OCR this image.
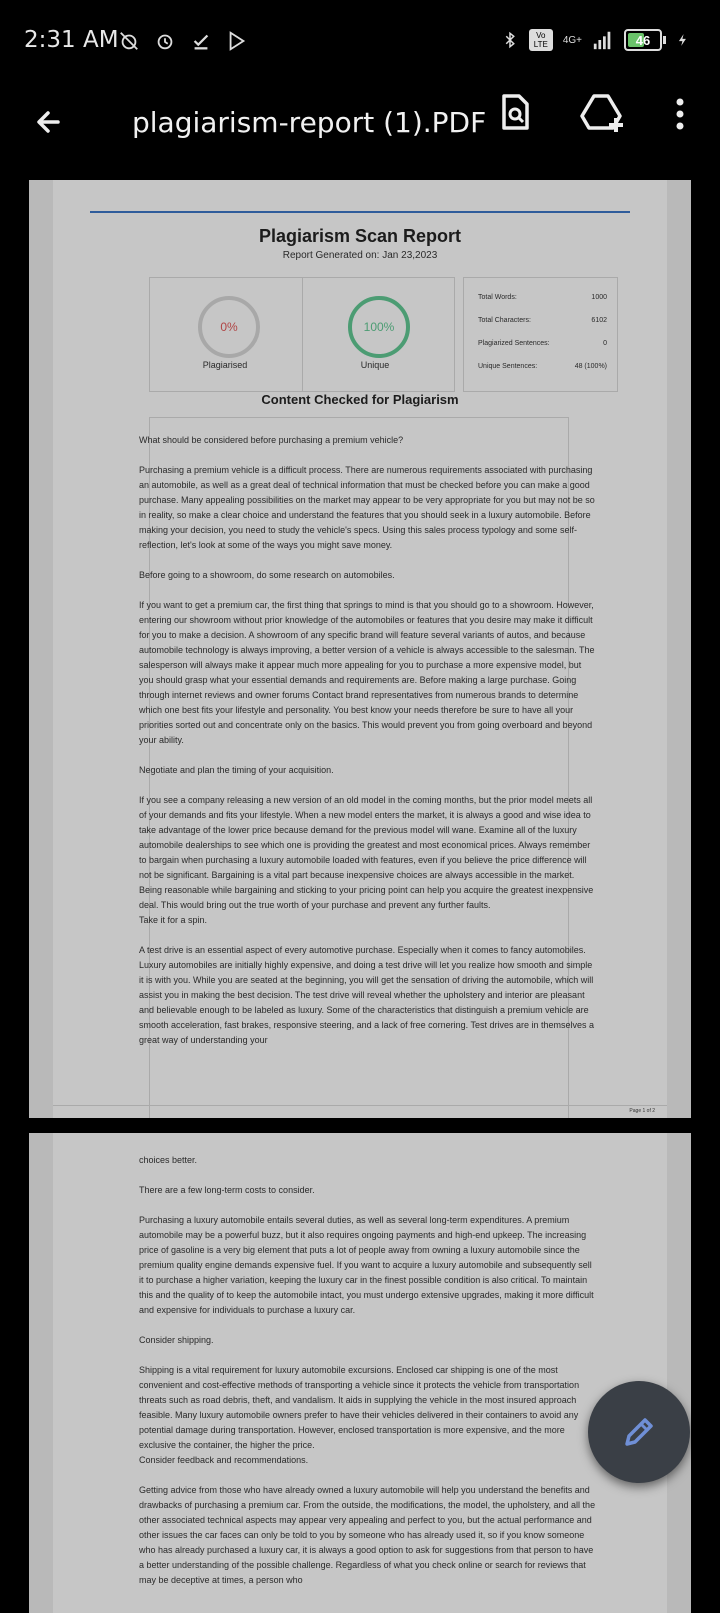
2:31 AM	Vo LTE	4G+	46
plagiarism-report (1).PDF
Plagiarism Scan Report
Report Generated on: Jan 23,2023
0%
Plagiarised
100%
Unique
Total Words:	1000
Total Characters:	6102
Plagiarized Sentences:	0
Unique Sentences:	48 (100%)
Content Checked for Plagiarism

What should be considered before purchasing a premium vehicle?

Purchasing a premium vehicle is a difficult process. There are numerous requirements associated with purchasing an automobile, as well as a great deal of technical information that must be checked before you can make a good purchase. Many appealing possibilities on the market may appear to be very appropriate for you but may not be so in reality, so make a clear choice and understand the features that you should seek in a luxury automobile. Before making your decision, you need to study the vehicle's specs. Using this sales process typology and some self-reflection, let's look at some of the ways you might save money.

Before going to a showroom, do some research on automobiles.

If you want to get a premium car, the first thing that springs to mind is that you should go to a showroom. However, entering our showroom without prior knowledge of the automobiles or features that you desire may make it difficult for you to make a decision. A showroom of any specific brand will feature several variants of autos, and because automobile technology is always improving, a better version of a vehicle is always accessible to the salesman. The salesperson will always make it appear much more appealing for you to purchase a more expensive model, but you should grasp what your essential demands and requirements are. Before making a large purchase. Going through internet reviews and owner forums Contact brand representatives from numerous brands to determine which one best fits your lifestyle and personality. You best know your needs therefore be sure to have all your priorities sorted out and concentrate only on the basics. This would prevent you from going overboard and beyond your ability.

Negotiate and plan the timing of your acquisition.

If you see a company releasing a new version of an old model in the coming months, but the prior model meets all of your demands and fits your lifestyle. When a new model enters the market, it is always a good and wise idea to take advantage of the lower price because demand for the previous model will wane. Examine all of the luxury automobile dealerships to see which one is providing the greatest and most economical prices. Always remember to bargain when purchasing a luxury automobile loaded with features, even if you believe the price difference will not be significant. Bargaining is a vital part because inexpensive choices are always accessible in the market. Being reasonable while bargaining and sticking to your pricing point can help you acquire the greatest inexpensive deal. This would bring out the true worth of your purchase and prevent any further faults.

Take it for a spin.

A test drive is an essential aspect of every automotive purchase. Especially when it comes to fancy automobiles. Luxury automobiles are initially highly expensive, and doing a test drive will let you realize how smooth and simple it is with you. While you are seated at the beginning, you will get the sensation of driving the automobile, which will assist you in making the best decision. The test drive will reveal whether the upholstery and interior are pleasant and believable enough to be labeled as luxury. Some of the characteristics that distinguish a premium vehicle are smooth acceleration, fast brakes, responsive steering, and a lack of free cornering. Test drives are in themselves a great way of understanding your

Page 1 of 2

choices better.

There are a few long-term costs to consider.

Purchasing a luxury automobile entails several duties, as well as several long-term expenditures. A premium automobile may be a powerful buzz, but it also requires ongoing payments and high-end upkeep. The increasing price of gasoline is a very big element that puts a lot of people away from owning a luxury automobile since the premium quality engine demands expensive fuel. If you want to acquire a luxury automobile and subsequently sell it to purchase a higher variation, keeping the luxury car in the finest possible condition is also critical. To maintain this and the quality of to keep the automobile intact, you must undergo extensive upgrades, making it more difficult and expensive for individuals to purchase a luxury car.

Consider shipping.

Shipping is a vital requirement for luxury automobile excursions. Enclosed car shipping is one of the most convenient and cost-effective methods of transporting a vehicle since it protects the vehicle from transportation threats such as road debris, theft, and vandalism. It aids in supplying the vehicle in the most insured approach feasible. Many luxury automobile owners prefer to have their vehicles delivered in their containers to avoid any potential damage during transportation. However, enclosed transportation is more expensive, and the more exclusive the container, the higher the price.

Consider feedback and recommendations.

Getting advice from those who have already owned a luxury automobile will help you understand the benefits and drawbacks of purchasing a premium car. From the outside, the modifications, the model, the upholstery, and all the other associated technical aspects may appear very appealing and perfect to you, but the actual performance and other issues the car faces can only be told to you by someone who has already used it, so if you know someone who has already purchased a luxury car, it is always a good option to ask for suggestions from that person to have a better understanding of the possible challenge. Regardless of what you check online or search for reviews that may be deceptive at times, a person who
